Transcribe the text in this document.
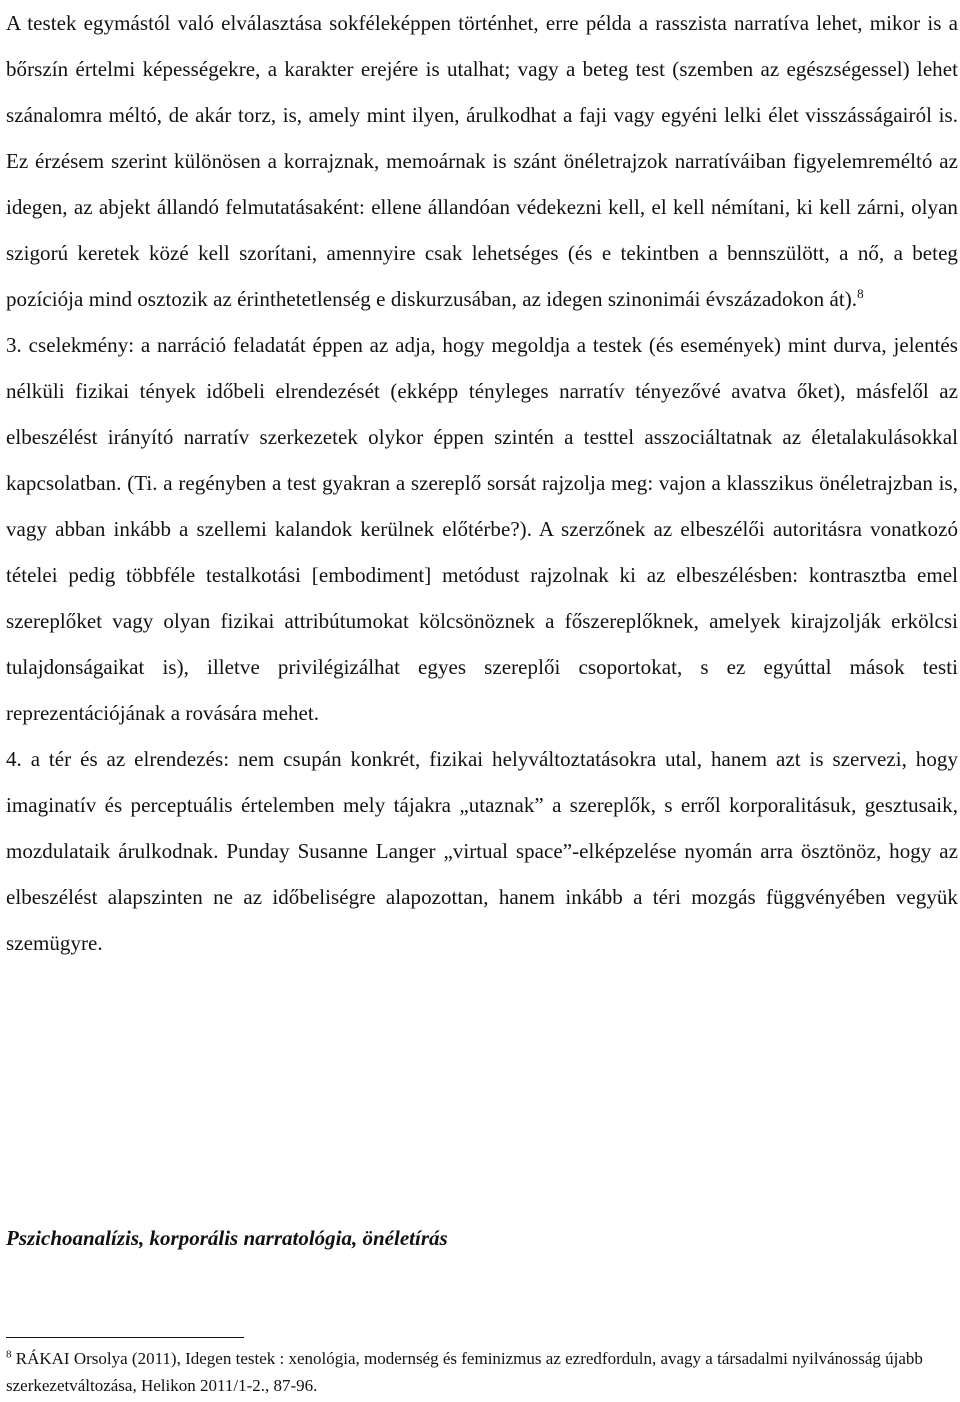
A testek egymástól való elválasztása sokféleképpen történhet, erre példa a rasszista narratíva lehet, mikor is a bőrszín értelmi képességekre, a karakter erejére is utalhat; vagy a beteg test (szemben az egészségessel) lehet szánalomra méltó, de akár torz, is, amely mint ilyen, árulkodhat a faji vagy egyéni lelki élet visszásságairól is. Ez érzésem szerint különösen a korrajznak, memoárnak is szánt önéletrajzok narratíváiban figyelemreméltó az idegen, az abjekt állandó felmutatásaként: ellene állandóan védekezni kell, el kell némítani, ki kell zárni, olyan szigorú keretek közé kell szorítani, amennyire csak lehetséges (és e tekintben a bennszülött, a nő, a beteg pozíciója mind osztozik az érinthetetlenség e diskurzusában, az idegen szinonimái évszázadokon át).$^8$

3. cselekmény: a narráció feladatát éppen az adja, hogy megoldja a testek (és események) mint durva, jelentés nélküli fizikai tények időbeli elrendezését (ekképp tényleges narratív tényezővé avatva őket), másfelől az elbeszélést irányító narratív szerkezetek olykor éppen szintén a testtel asszociáltatnak az életalakulásokkal kapcsolatban. (Ti. a regényben a test gyakran a szereplő sorsát rajzolja meg: vajon a klasszikus önéletrajzban is, vagy abban inkább a szellemi kalandok kerülnek előtérbe?). A szerzőnek az elbeszélői autoritásra vonatkozó tételei pedig többféle testalkotási [embodiment] metódust rajzolnak ki az elbeszélésben: kontrasztba emel szereplőket vagy olyan fizikai attribútumokat kölcsönöznek a főszereplőknek, amelyek kirajzolják erkölcsi tulajdonságaikat is), illetve privilégizálhat egyes szereplői csoportokat, s ez egyúttal mások testi reprezentációjának a rovására mehet.

4. a tér és az elrendezés: nem csupán konkrét, fizikai helyváltoztatásokra utal, hanem azt is szervezi, hogy imaginatív és perceptuális értelemben mely tájakra „utaznak” a szereplők, s erről korporalitásuk, gesztusaik, mozdulataik árulkodnak. Punday Susanne Langer „virtual space”-elképzelése nyomán arra ösztönöz, hogy az elbeszélést alapszinten ne az időbeliségre alapozottan, hanem inkább a téri mozgás függvényében vegyük szemügyre.

Pszichoanalízis, korporális narratológia, önéletírás

$^8$ RÁKAI Orsolya (2011), Idegen testek : xenológia, modernség és feminizmus az ezredforduln, avagy a társadalmi nyilvánosság újabb szerkezetváltozása, Helikon 2011/1-2., 87-96.
